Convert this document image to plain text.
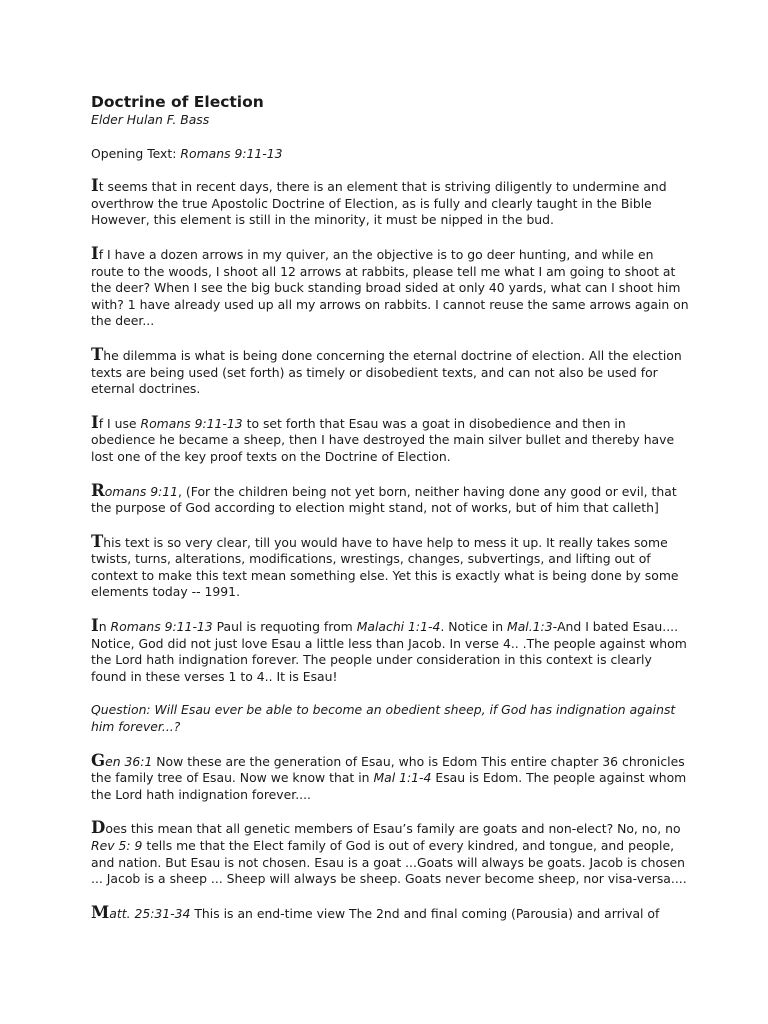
Doctrine of Election
Elder Hulan F. Bass
Opening Text: Romans 9:11-13

It seems that in recent days, there is an element that is striving diligently to undermine and overthrow the true Apostolic Doctrine of Election, as is fully and clearly taught in the Bible However, this element is still in the minority, it must be nipped in the bud.

If I have a dozen arrows in my quiver, an the objective is to go deer hunting, and while en route to the woods, I shoot all 12 arrows at rabbits, please tell me what I am going to shoot at the deer? When I see the big buck standing broad sided at only 40 yards, what can I shoot him with? 1 have already used up all my arrows on rabbits. I cannot reuse the same arrows again on the deer...

The dilemma is what is being done concerning the eternal doctrine of election. All the election texts are being used (set forth) as timely or disobedient texts, and can not also be used for eternal doctrines.

If I use Romans 9:11-13 to set forth that Esau was a goat in disobedience and then in obedience he became a sheep, then I have destroyed the main silver bullet and thereby have lost one of the key proof texts on the Doctrine of Election.

Romans 9:11, (For the children being not yet born, neither having done any good or evil, that the purpose of God according to election might stand, not of works, but of him that calleth]

This text is so very clear, till you would have to have help to mess it up. It really takes some twists, turns, alterations, modifications, wrestings, changes, subvertings, and lifting out of context to make this text mean something else. Yet this is exactly what is being done by some elements today -- 1991.

In Romans 9:11-13 Paul is requoting from Malachi 1:1-4. Notice in Mal.1:3-And I bated Esau.... Notice, God did not just love Esau a little less than Jacob. In verse 4.. .The people against whom the Lord hath indignation forever. The people under consideration in this context is clearly found in these verses 1 to 4.. It is Esau!

Question: Will Esau ever be able to become an obedient sheep, if God has indignation against him forever...?

Gen 36:1 Now these are the generation of Esau, who is Edom This entire chapter 36 chronicles the family tree of Esau. Now we know that in Mal 1:1-4 Esau is Edom. The people against whom the Lord hath indignation forever....

Does this mean that all genetic members of Esau’s family are goats and non-elect? No, no, no Rev 5: 9 tells me that the Elect family of God is out of every kindred, and tongue, and people, and nation. But Esau is not chosen. Esau is a goat ...Goats will always be goats. Jacob is chosen ... Jacob is a sheep ... Sheep will always be sheep. Goats never become sheep, nor visa-versa....

Matt. 25:31-34 This is an end-time view The 2nd and final coming (Parousia) and arrival of
